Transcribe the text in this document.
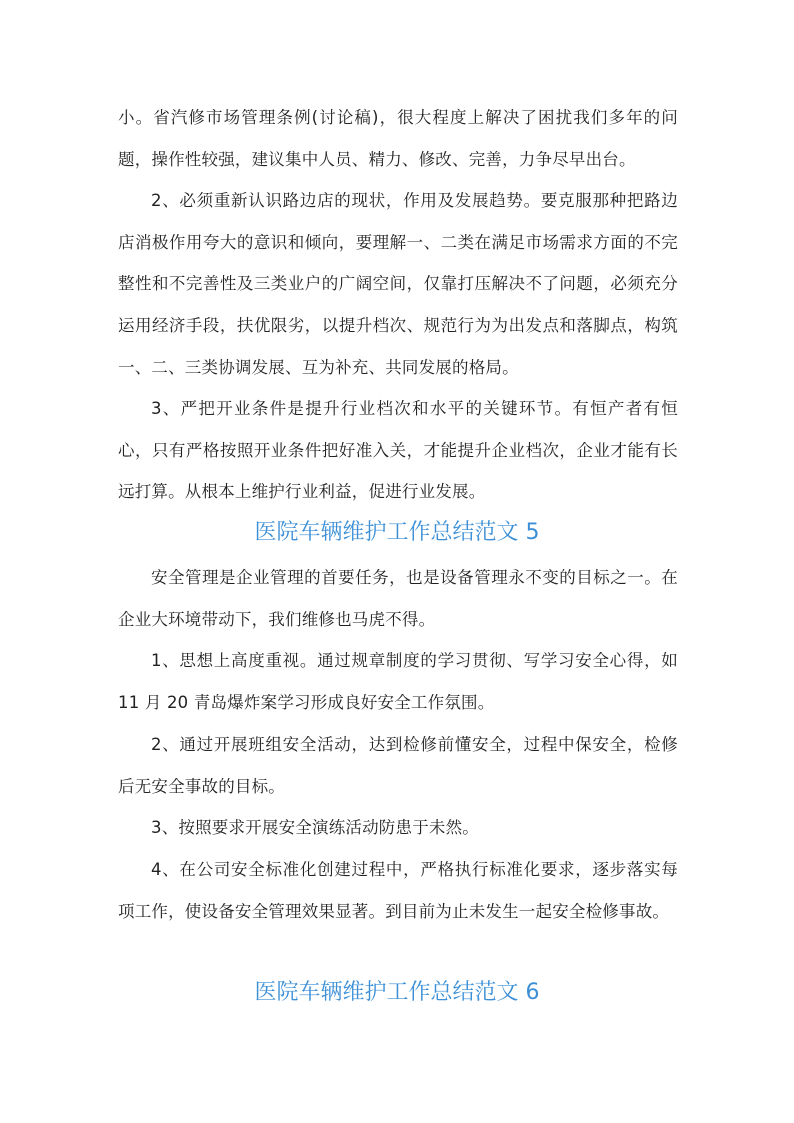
小。省汽修市场管理条例(讨论稿)，很大程度上解决了困扰我们多年的问题，操作性较强，建议集中人员、精力、修改、完善，力争尽早出台。

2、必须重新认识路边店的现状，作用及发展趋势。要克服那种把路边店消极作用夸大的意识和倾向，要理解一、二类在满足市场需求方面的不完整性和不完善性及三类业户的广阔空间，仅靠打压解决不了问题，必须充分运用经济手段，扶优限劣，以提升档次、规范行为为出发点和落脚点，构筑一、二、三类协调发展、互为补充、共同发展的格局。

3、严把开业条件是提升行业档次和水平的关键环节。有恒产者有恒心，只有严格按照开业条件把好准入关，才能提升企业档次，企业才能有长远打算。从根本上维护行业利益，促进行业发展。

医院车辆维护工作总结范文 5

安全管理是企业管理的首要任务，也是设备管理永不变的目标之一。在企业大环境带动下，我们维修也马虎不得。

1、思想上高度重视。通过规章制度的学习贯彻、写学习安全心得，如 11 月 20 青岛爆炸案学习形成良好安全工作氛围。

2、通过开展班组安全活动，达到检修前懂安全，过程中保安全，检修后无安全事故的目标。

3、按照要求开展安全演练活动防患于未然。

4、在公司安全标准化创建过程中，严格执行标准化要求，逐步落实每项工作，使设备安全管理效果显著。到目前为止未发生一起安全检修事故。

医院车辆维护工作总结范文 6
